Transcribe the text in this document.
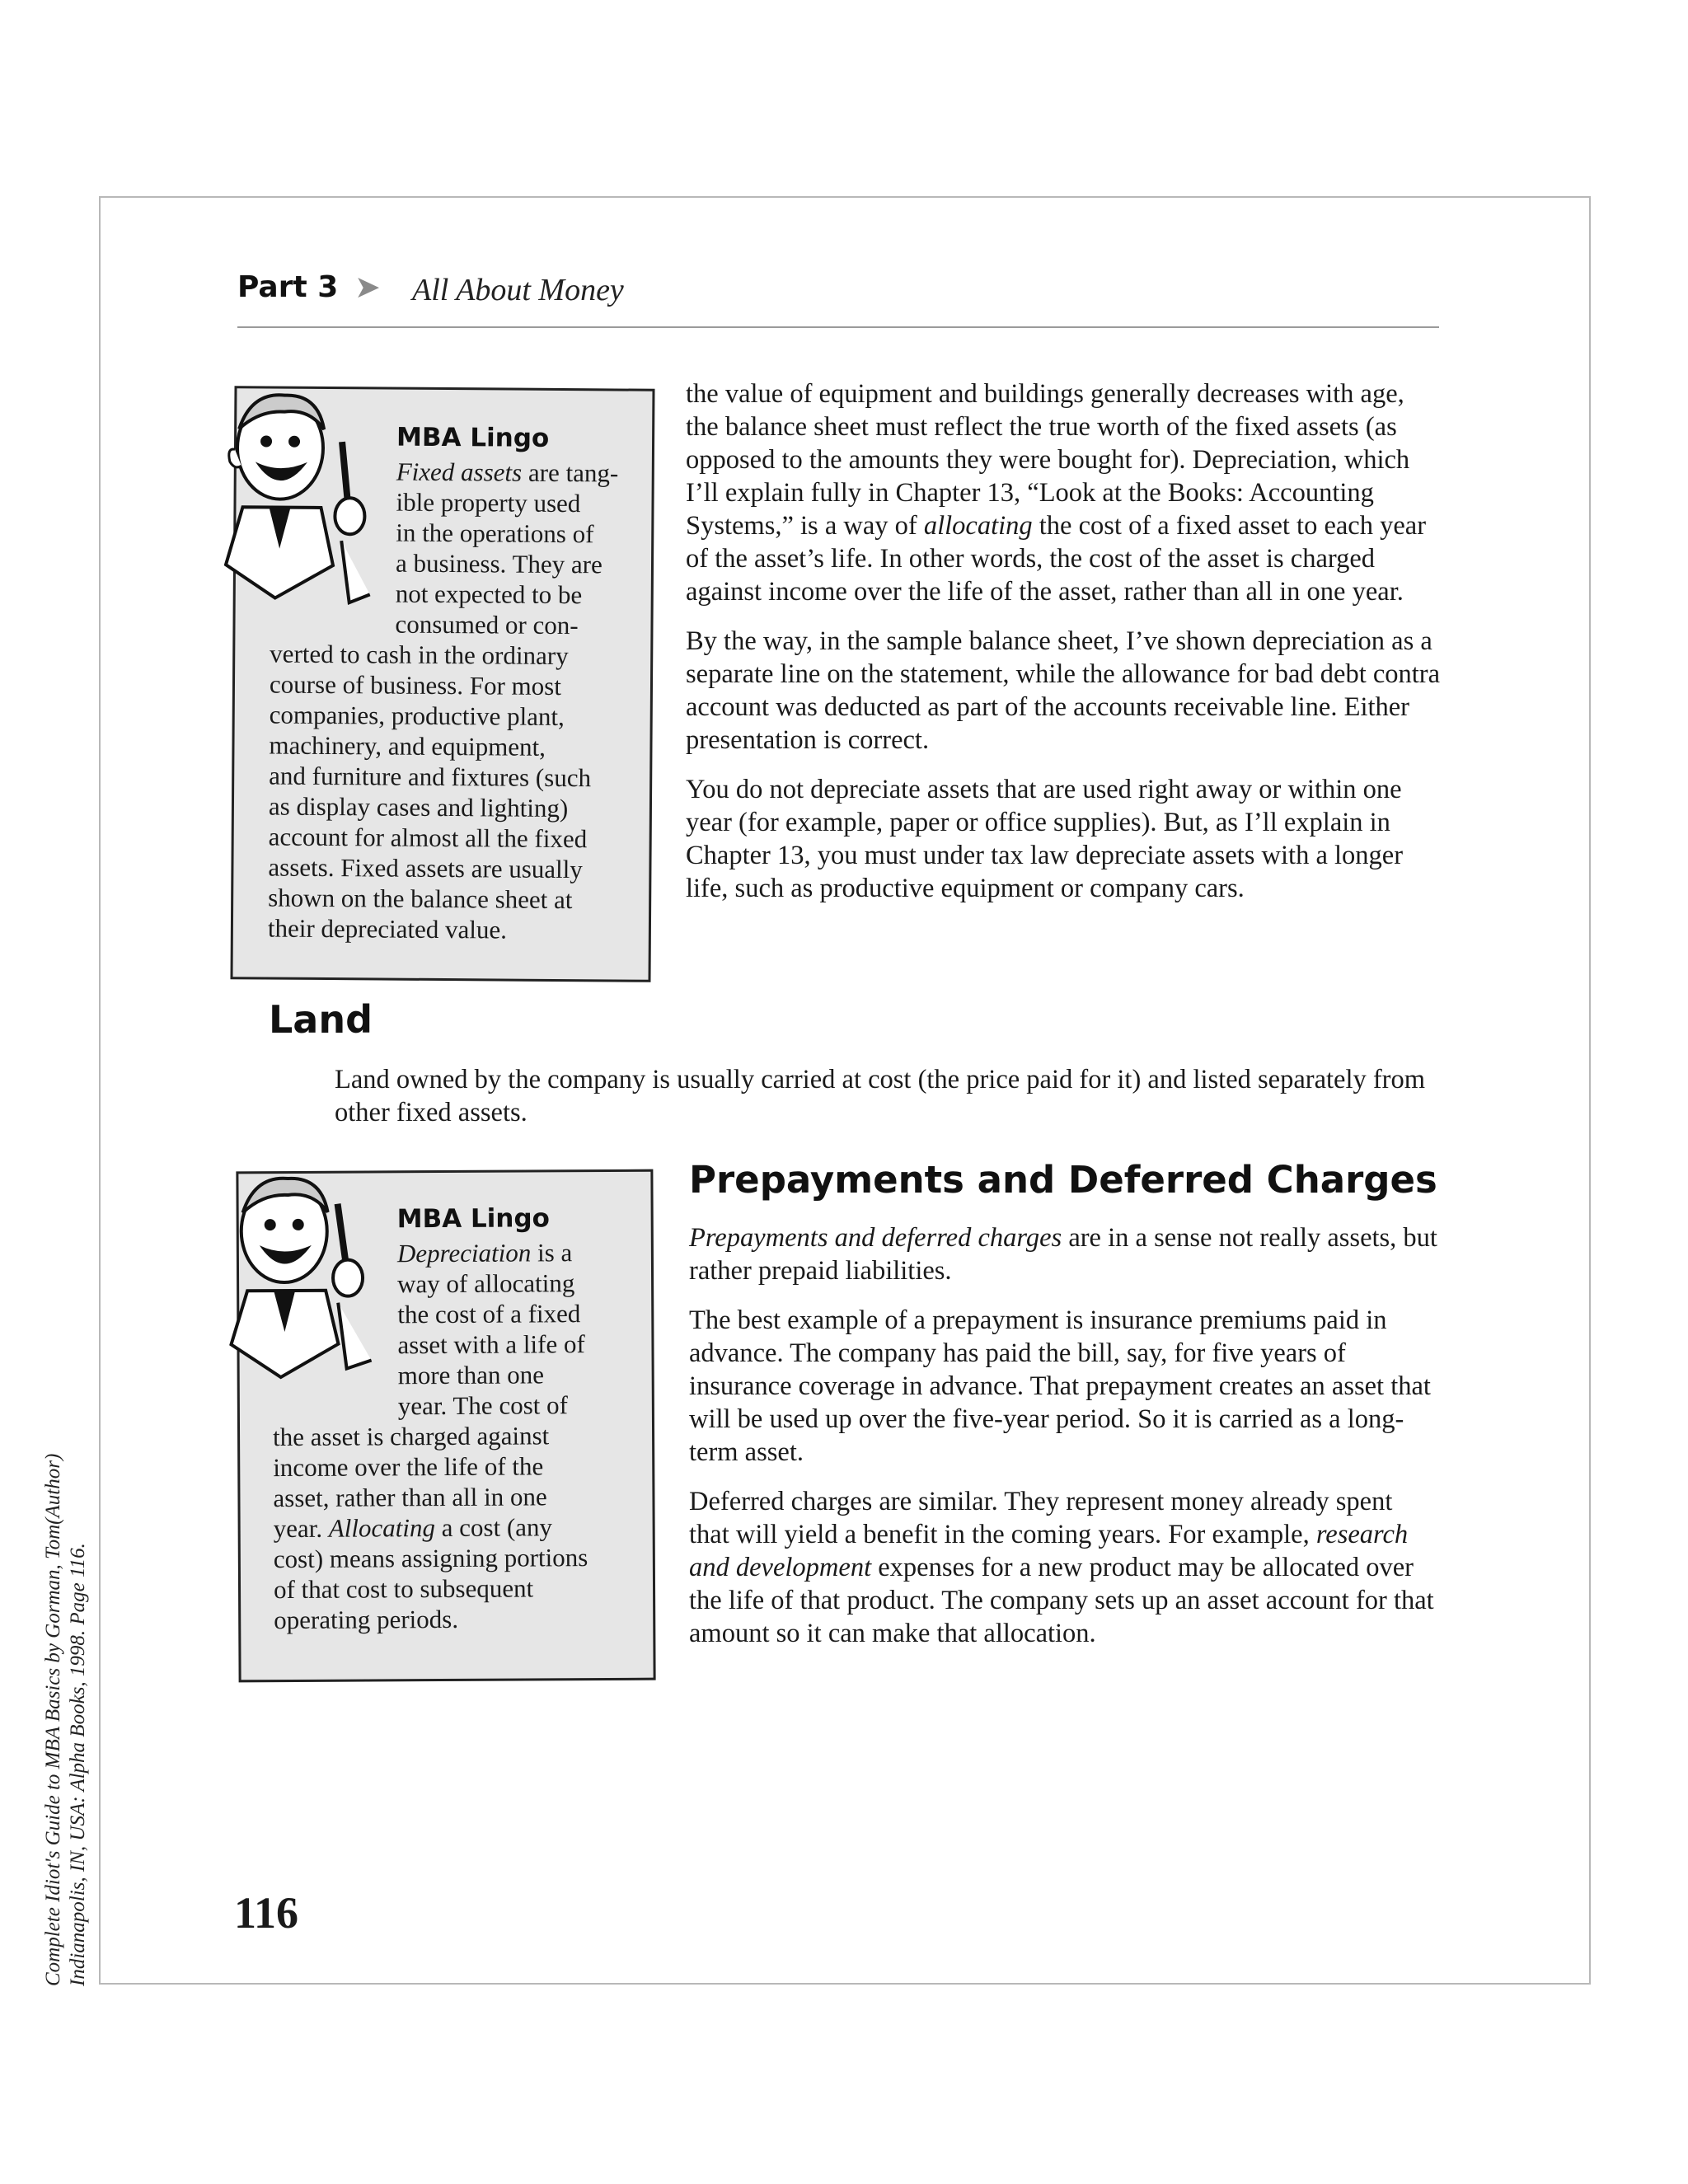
Complete Idiot's Guide to MBA Basics by Gorman, Tom(Author) Indianapolis, IN, USA: Alpha Books, 1998. Page 116.
Part 3 ➤ All About Money
MBA Lingo
Fixed assets are tang-
ible property used
in the operations of
a business. They are
not expected to be
consumed or con-
verted to cash in the ordinary
course of business. For most
companies, productive plant,
machinery, and equipment,
and furniture and fixtures (such
as display cases and lighting)
account for almost all the fixed
assets. Fixed assets are usually
shown on the balance sheet at
their depreciated value.

the value of equipment and buildings generally decreases with age, the balance sheet must reflect the true worth of the fixed assets (as opposed to the amounts they were bought for). Depreciation, which I’ll explain fully in Chapter 13, “Look at the Books: Accounting Systems,” is a way of allocating the cost of a fixed asset to each year of the asset’s life. In other words, the cost of the asset is charged against income over the life of the asset, rather than all in one year.

By the way, in the sample balance sheet, I’ve shown depreciation as a separate line on the statement, while the allowance for bad debt contra account was deducted as part of the accounts receivable line. Either presentation is correct.

You do not depreciate assets that are used right away or within one year (for example, paper or office supplies). But, as I’ll explain in Chapter 13, you must under tax law depreciate assets with a longer life, such as productive equipment or company cars.

Land
Land owned by the company is usually carried at cost (the price paid for it) and listed separately from other fixed assets.
MBA Lingo
Depreciation is a
way of allocating
the cost of a fixed
asset with a life of
more than one
year. The cost of
the asset is charged against
income over the life of the
asset, rather than all in one
year. Allocating a cost (any
cost) means assigning portions
of that cost to subsequent
operating periods.
Prepayments and Deferred Charges

Prepayments and deferred charges are in a sense not really assets, but rather prepaid liabilities.

The best example of a prepayment is insurance premiums paid in advance. The company has paid the bill, say, for five years of insurance coverage in advance. That prepayment creates an asset that will be used up over the five-year period. So it is carried as a long-term asset.

Deferred charges are similar. They represent money already spent that will yield a benefit in the coming years. For example, research and development expenses for a new product may be allocated over the life of that product. The company sets up an asset account for that amount so it can make that allocation.

116
